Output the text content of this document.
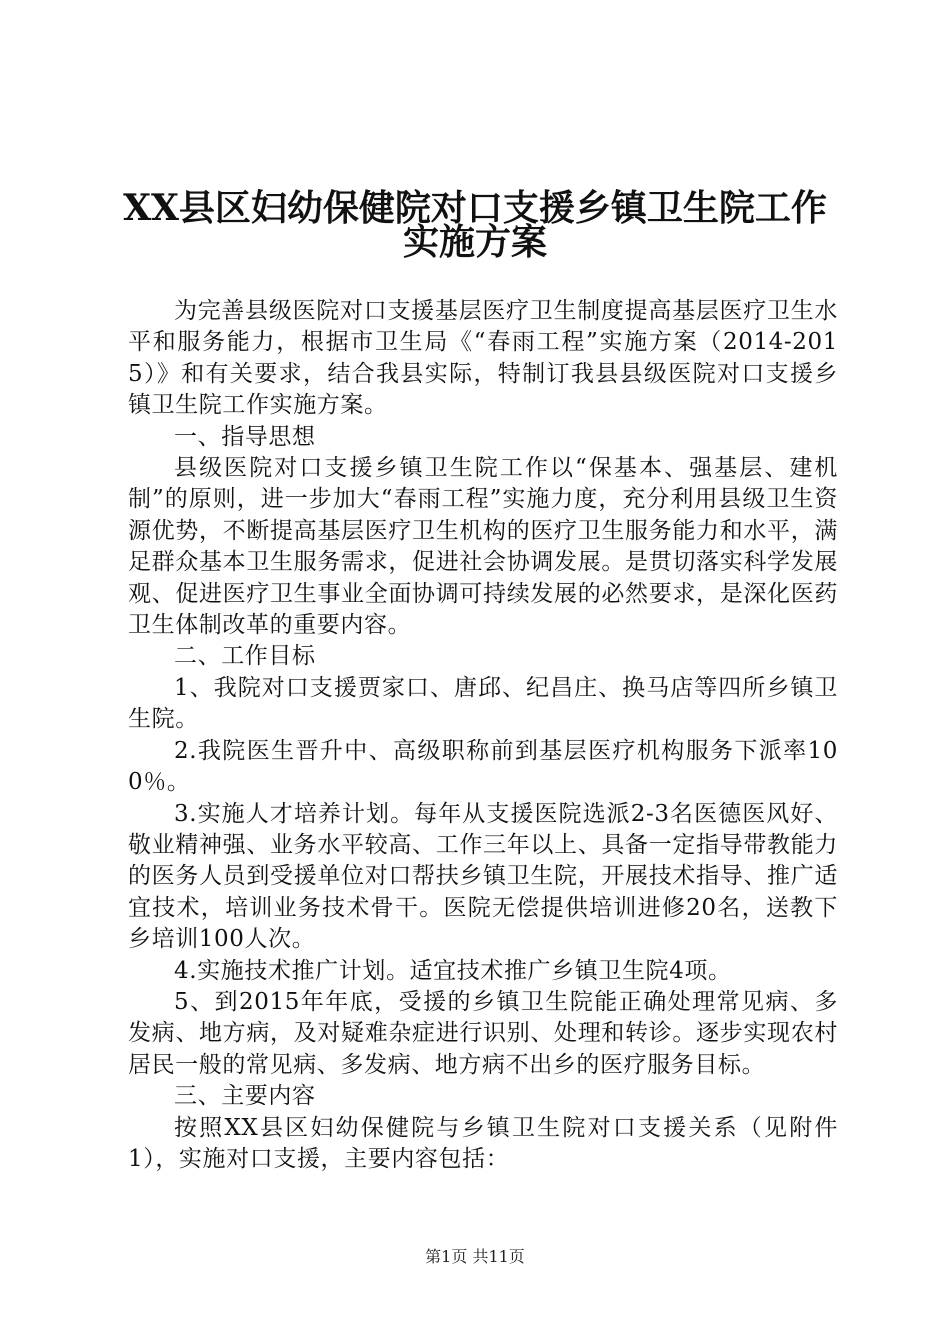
XX县区妇幼保健院对口支援乡镇卫生院工作
实施方案

为完善县级医院对口支援基层医疗卫生制度提高基层医疗卫生水平和服务能力，根据市卫生局《“春雨工程”实施方案（2014-2015）》和有关要求，结合我县实际，特制订我县县级医院对口支援乡镇卫生院工作实施方案。

一、指导思想

县级医院对口支援乡镇卫生院工作以“保基本、强基层、建机制”的原则，进一步加大“春雨工程”实施力度，充分利用县级卫生资源优势，不断提高基层医疗卫生机构的医疗卫生服务能力和水平，满足群众基本卫生服务需求，促进社会协调发展。是贯切落实科学发展观、促进医疗卫生事业全面协调可持续发展的必然要求，是深化医药卫生体制改革的重要内容。

二、工作目标

1、我院对口支援贾家口、唐邱、纪昌庄、换马店等四所乡镇卫生院。

2.我院医生晋升中、高级职称前到基层医疗机构服务下派率100％。

3.实施人才培养计划。每年从支援医院选派2-3名医德医风好、敬业精神强、业务水平较高、工作三年以上、具备一定指导带教能力的医务人员到受援单位对口帮扶乡镇卫生院，开展技术指导、推广适宜技术，培训业务技术骨干。医院无偿提供培训进修20名，送教下乡培训100人次。

4.实施技术推广计划。适宜技术推广乡镇卫生院4项。

5、到2015年年底，受援的乡镇卫生院能正确处理常见病、多发病、地方病，及对疑难杂症进行识别、处理和转诊。逐步实现农村居民一般的常见病、多发病、地方病不出乡的医疗服务目标。

三、主要内容

按照XX县区妇幼保健院与乡镇卫生院对口支援关系（见附件1），实施对口支援，主要内容包括：

第1页 共11页
